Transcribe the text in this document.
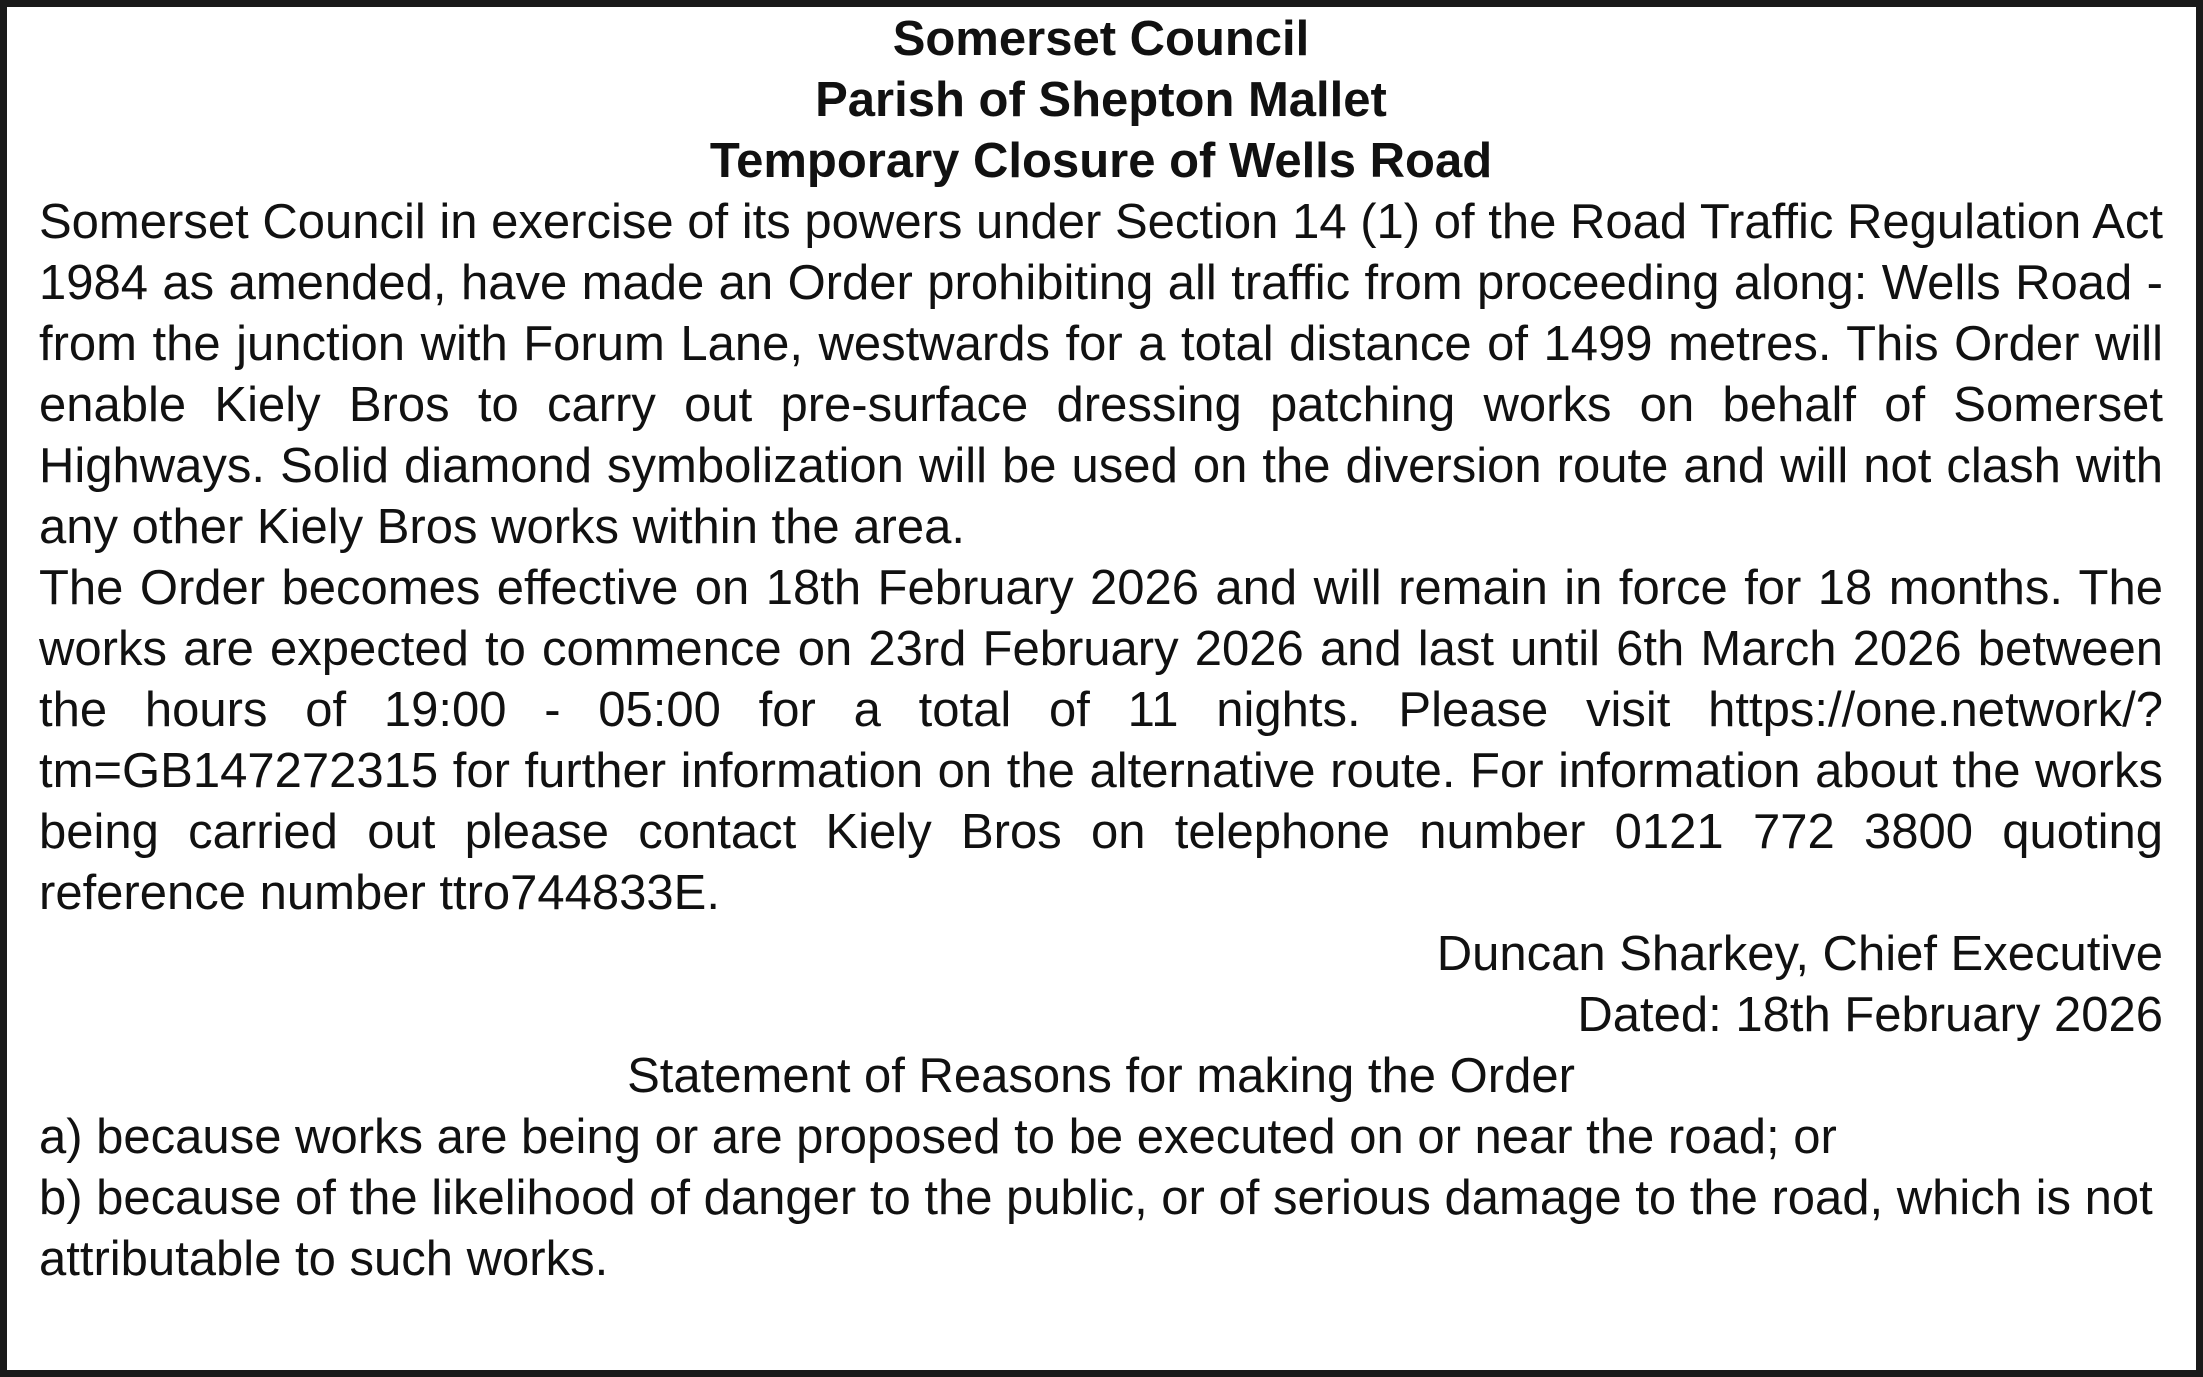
Somerset Council

Parish of Shepton Mallet

Temporary Closure of Wells Road

Somerset Council in exercise of its powers under Section 14 (1) of the Road Traffic Regulation Act 1984 as amended, have made an Order prohibiting all traffic from proceeding along: Wells Road - from the junction with Forum Lane, westwards for a total distance of 1499 metres. This Order will enable Kiely Bros to carry out pre-surface dressing patching works on behalf of Somerset Highways. Solid diamond symbolization will be used on the diversion route and will not clash with any other Kiely Bros works within the area.

The Order becomes effective on 18th February 2026 and will remain in force for 18 months. The works are expected to commence on 23rd February 2026 and last until 6th March 2026 between the hours of 19:00 - 05:00 for a total of 11 nights. Please visit https://one.network/?tm=GB147272315 for further information on the alternative route. For information about the works being carried out please contact Kiely Bros on telephone number 0121 772 3800 quoting reference number ttro744833E.

Duncan Sharkey, Chief Executive

Dated: 18th February 2026

Statement of Reasons for making the Order

a) because works are being or are proposed to be executed on or near the road; or

b) because of the likelihood of danger to the public, or of serious damage to the road, which is not attributable to such works.
